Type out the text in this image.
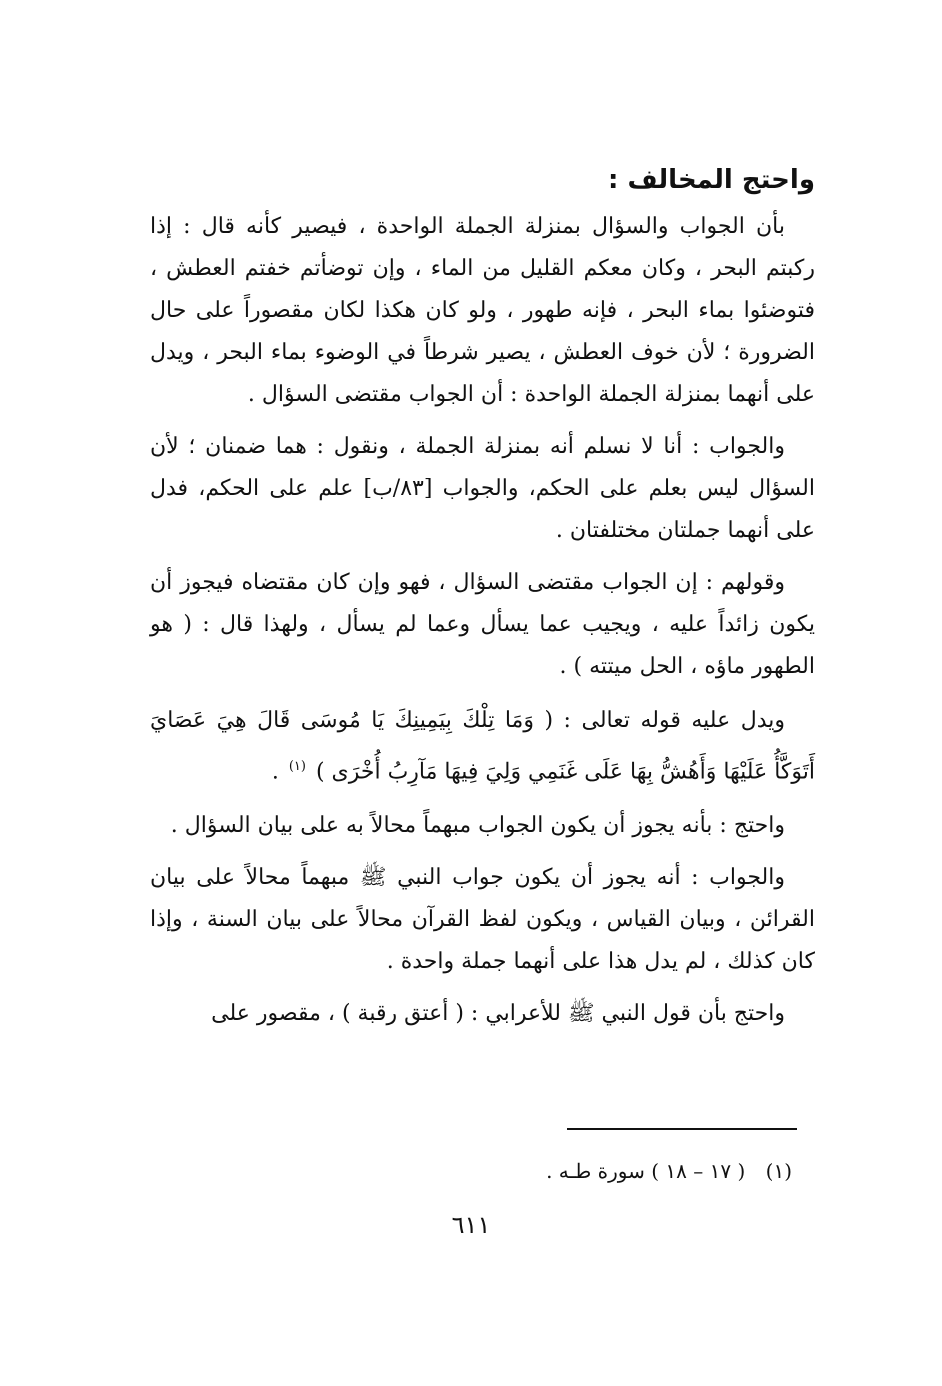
واحتج المخالف :

بأن الجواب والسؤال بمنزلة الجملة الواحدة ، فيصير كأنه قال : إذا ركبتم البحر ، وكان معكم القليل من الماء ، وإن توضأتم خفتم العطش ، فتوضئوا بماء البحر ، فإنه طهور ، ولو كان هكذا لكان مقصوراً على حال الضرورة ؛ لأن خوف العطش ، يصير شرطاً في الوضوء بماء البحر ، ويدل على أنهما بمنزلة الجملة الواحدة : أن الجواب مقتضى السؤال .

والجواب : أنا لا نسلم أنه بمنزلة الجملة ، ونقول : هما ضمنان ؛ لأن السؤال ليس بعلم على الحكم، والجواب [٨٣/ب] علم على الحكم، فدل على أنهما جملتان مختلفتان .

وقولهم : إن الجواب مقتضى السؤال ، فهو وإن كان مقتضاه فيجوز أن يكون زائداً عليه ، ويجيب عما يسأل وعما لم يسأل ، ولهذا قال : ( هو الطهور ماؤه ، الحل ميتته ) .

ويدل عليه قوله تعالى : ( وَمَا تِلْكَ بِيَمِينِكَ يَا مُوسَى قَالَ هِيَ عَصَايَ أَتَوَكَّأُ عَلَيْهَا وَأَهُشُّ بِهَا عَلَى غَنَمِي وَلِيَ فِيهَا مَآرِبُ أُخْرَى ) $^{(١)}$ .

واحتج : بأنه يجوز أن يكون الجواب مبهماً محالاً به على بيان السؤال .

والجواب : أنه يجوز أن يكون جواب النبي ﷺ مبهماً محالاً على بيان القرائن ، وبيان القياس ، ويكون لفظ القرآن محالاً على بيان السنة ، وإذا كان كذلك ، لم يدل هذا على أنهما جملة واحدة .

واحتج بأن قول النبي ﷺ للأعرابي : ( أعتق رقبة ) ، مقصور على

(١) ( ١٧ – ١٨ ) سورة طـه .
٦١١
